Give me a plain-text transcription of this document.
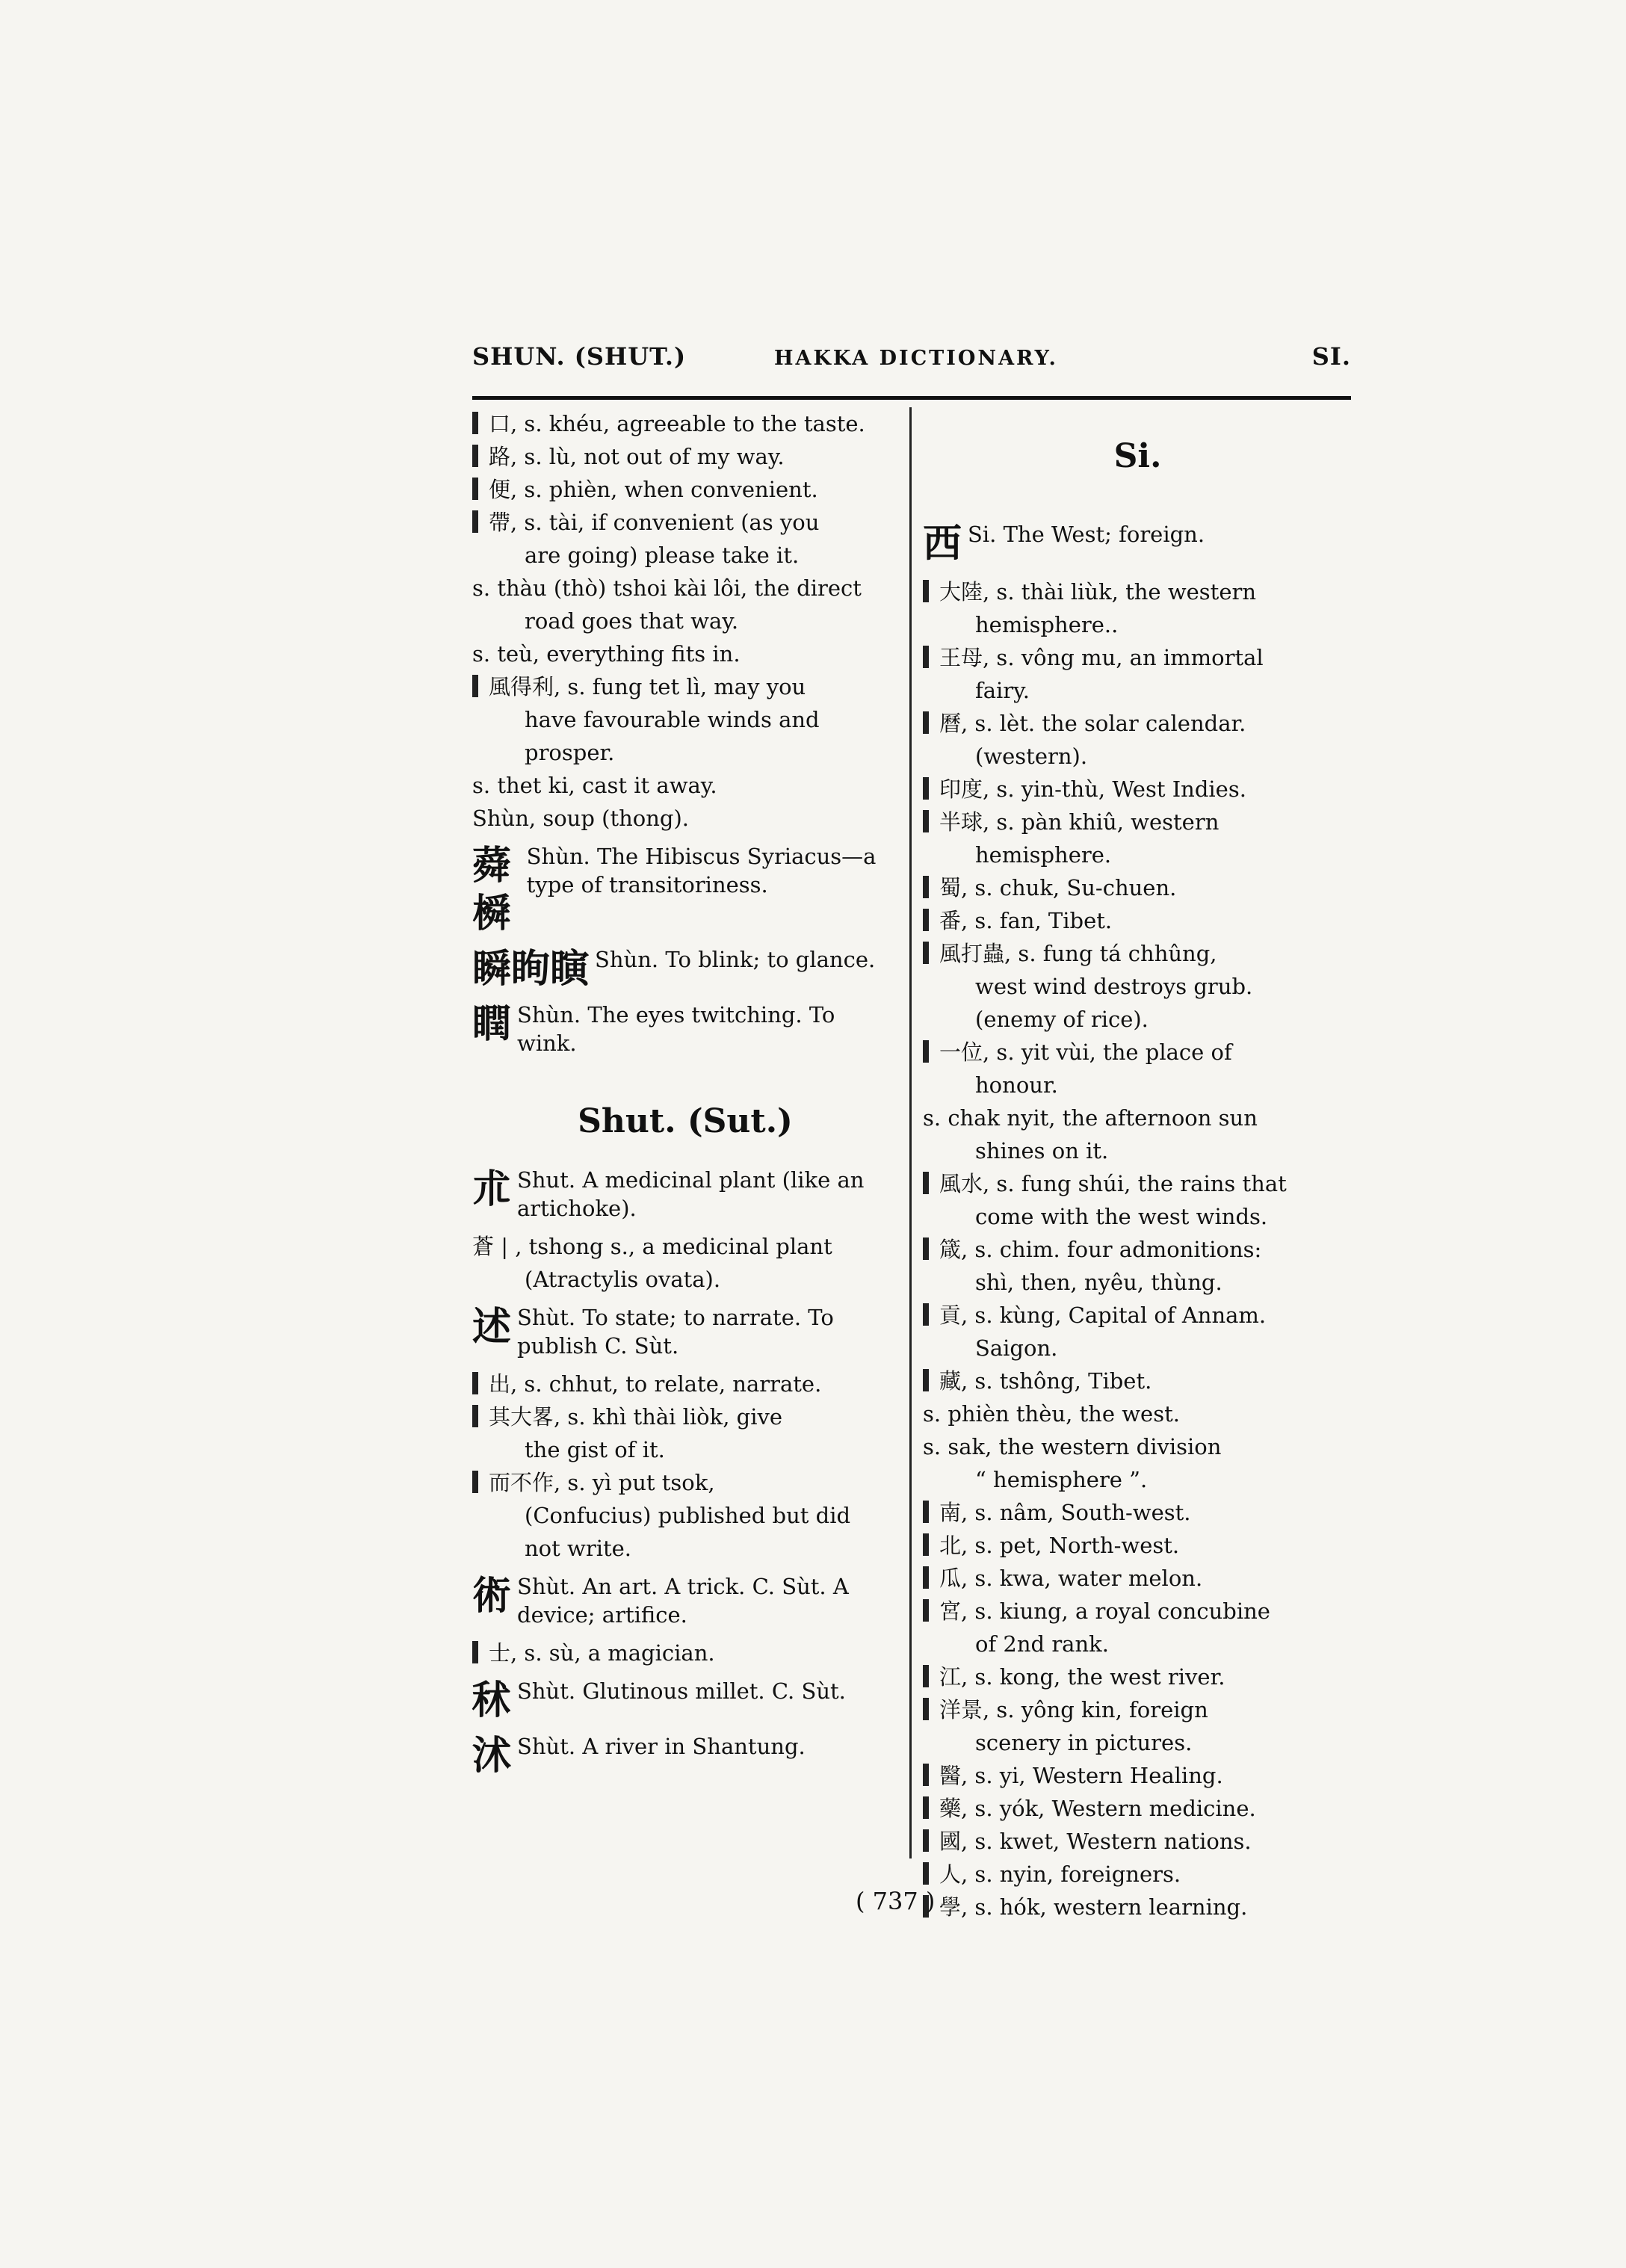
SHUN. (SHUT.)	HAKKA DICTIONARY.	SI.
口, s. khéu, agreeable to the taste.
路, s. lù, not out of my way.
便, s. phièn, when convenient.
帶, s. tài, if convenient (as you
are going) please take it.
s. thàu (thò) tshoi kài lôi, the direct
road goes that way.
s. teù, everything fits in.
風得利, s. fung tet lì, may you
have favourable winds and
prosper.
s. thet ki, cast it away.
Shùn, soup (thong).
蕣橓
Shùn. The Hibiscus Syriacus—a type of transitoriness.
瞬眴瞚 Shùn. To blink; to glance.
瞤 Shùn. The eyes twitching. To wink.
Shut. (Sut.)
朮 Shut. A medicinal plant (like an artichoke).
蒼 | , tshong s., a medicinal plant
(Atractylis ovata).
述 Shùt. To state; to narrate. To publish C. Sùt.
出, s. chhut, to relate, narrate.
其大畧, s. khì thài liòk, give
the gist of it.
而不作, s. yì put tsok,
(Confucius) published but did
not write.
術 Shùt. An art. A trick. C. Sùt. A device; artifice.
士, s. sù, a magician.
秫 Shùt. Glutinous millet. C. Sùt.
沭 Shùt. A river in Shantung.
Si.
西 Si. The West; foreign.
大陸, s. thài liùk, the western
hemisphere..
王母, s. vông mu, an immortal
fairy.
曆, s. lèt. the solar calendar.
(western).
印度, s. yin-thù, West Indies.
半球, s. pàn khiû, western
hemisphere.
蜀, s. chuk, Su-chuen.
番, s. fan, Tibet.
風打蟲, s. fung tá chhûng,
west wind destroys grub.
(enemy of rice).
一位, s. yit vùi, the place of
honour.
s. chak nyit, the afternoon sun
shines on it.
風水, s. fung shúi, the rains that
come with the west winds.
箴, s. chim. four admonitions:
shì, then, nyêu, thùng.
貢, s. kùng, Capital of Annam.
Saigon.
藏, s. tshông, Tibet.
s. phièn thèu, the west.
s. sak, the western division
“ hemisphere ”.
南, s. nâm, South-west.
北, s. pet, North-west.
瓜, s. kwa, water melon.
宮, s. kiung, a royal concubine
of 2nd rank.
江, s. kong, the west river.
洋景, s. yông kin, foreign
scenery in pictures.
醫, s. yi, Western Healing.
藥, s. yók, Western medicine.
國, s. kwet, Western nations.
人, s. nyin, foreigners.
學, s. hók, western learning.
( 737 )
